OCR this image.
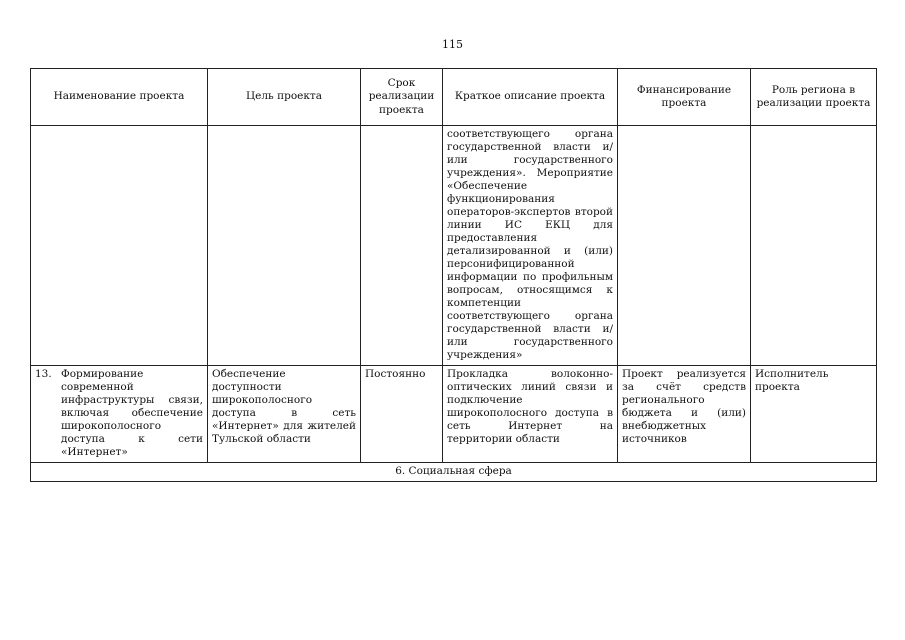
115
Наименование проекта	Цель проекта	Срок реализации проекта	Краткое описание проекта	Финансирование проекта	Роль региона в реализации проекта
			соответствующего органа государственной власти и/или государственного учреждения». Мероприятие «Обеспечение функционирования операторов-экспертов второй линии ИС ЕКЦ для предоставления детализированной и (или) персонифицированной информации по профильным вопросам, относящимся к компетенции соответствующего органа государственной власти и/или государственного учреждения»		

13. Формирование современной инфраструктуры связи, включая обеспечение широкополосного доступа к сети «Интернет»	Обеспечение доступности широкополосного доступа в сеть «Интернет» для жителей Тульской области	Постоянно	Прокладка волоконно-оптических линий связи и подключение широкополосного доступа в сеть Интернет на территории области	Проект реализуется за счёт средств регионального бюджета и (или) внебюджетных источников	Исполнитель проекта
6. Социальная сфера					
